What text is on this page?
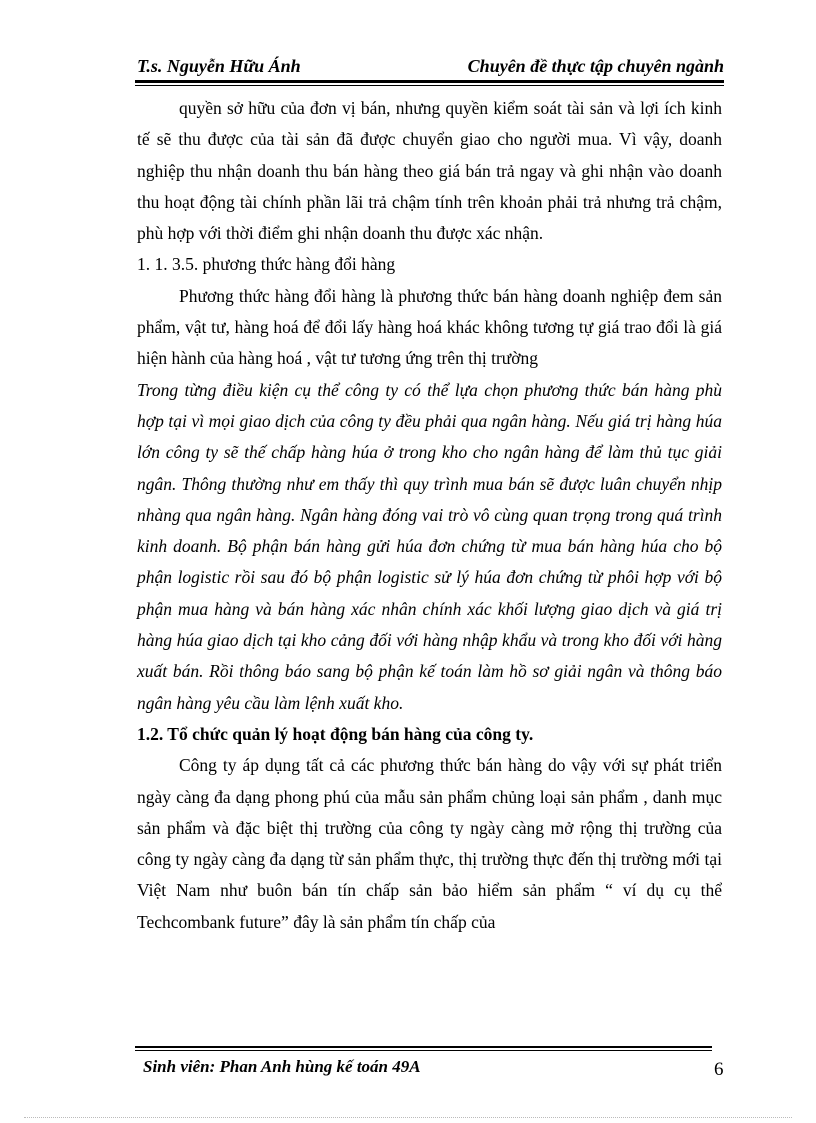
T.s. Nguyễn Hữu Ánh	Chuyên đề thực tập chuyên ngành

quyền sở hữu của đơn vị bán, nhưng quyền kiểm soát tài sản và lợi ích kinh tế sẽ thu được của tài sản đã được chuyển giao cho người mua. Vì vậy, doanh nghiệp thu nhận doanh thu bán hàng theo giá bán trả ngay và ghi nhận vào doanh thu hoạt động tài chính phần lãi trả chậm tính trên khoản phải trả nhưng trả chậm, phù hợp với thời điểm ghi nhận doanh thu được xác nhận.

1. 1. 3.5. phương thức hàng đổi hàng

Phương thức hàng đổi hàng là phương thức bán hàng doanh nghiệp đem sản phẩm, vật tư, hàng hoá để đổi lấy hàng hoá khác không tương tự giá trao đổi là giá hiện hành của hàng hoá , vật tư tương ứng trên thị trường

Trong từng điều kiện cụ thể công ty có thể lựa chọn phương thức bán hàng phù hợp tại vì mọi giao dịch của công ty đều phải qua ngân hàng. Nếu giá trị hàng húa lớn công ty sẽ thế chấp hàng húa ở trong kho cho ngân hàng để làm thủ tục giải ngân. Thông thường như em thấy thì quy trình mua bán sẽ được luân chuyển nhịp nhàng qua ngân hàng. Ngân hàng đóng vai trò vô cùng quan trọng trong quá trình kinh doanh. Bộ phận bán hàng gửi húa đơn chứng từ mua bán hàng húa cho bộ phận logistic rồi sau đó bộ phận logistic sử lý húa đơn chứng từ phôi hợp với bộ phận mua hàng và bán hàng xác nhân chính xác khối lượng giao dịch và giá trị hàng húa giao dịch tại kho cảng đối với hàng nhập khẩu và trong kho đối với hàng xuất bán. Rồi thông báo sang bộ phận kế toán làm hồ sơ giải ngân và thông báo ngân hàng yêu cầu làm lệnh xuất kho.

1.2. Tổ chức quản lý hoạt động bán hàng của công ty.

Công ty áp dụng tất cả các phương thức bán hàng do vậy với sự phát triển ngày càng đa dạng phong phú của mẫu sản phẩm chủng loại sản phẩm , danh mục sản phẩm và đặc biệt thị trường của công ty ngày càng mở rộng thị trường của công ty ngày càng đa dạng từ sản phẩm thực, thị trường thực đến thị trường mới tại Việt Nam như buôn bán tín chấp sản bảo hiểm sản phẩm “ ví dụ cụ thể Techcombank future” đây là sản phẩm tín chấp của

Sinh viên: Phan Anh hùng kế toán 49A	6
